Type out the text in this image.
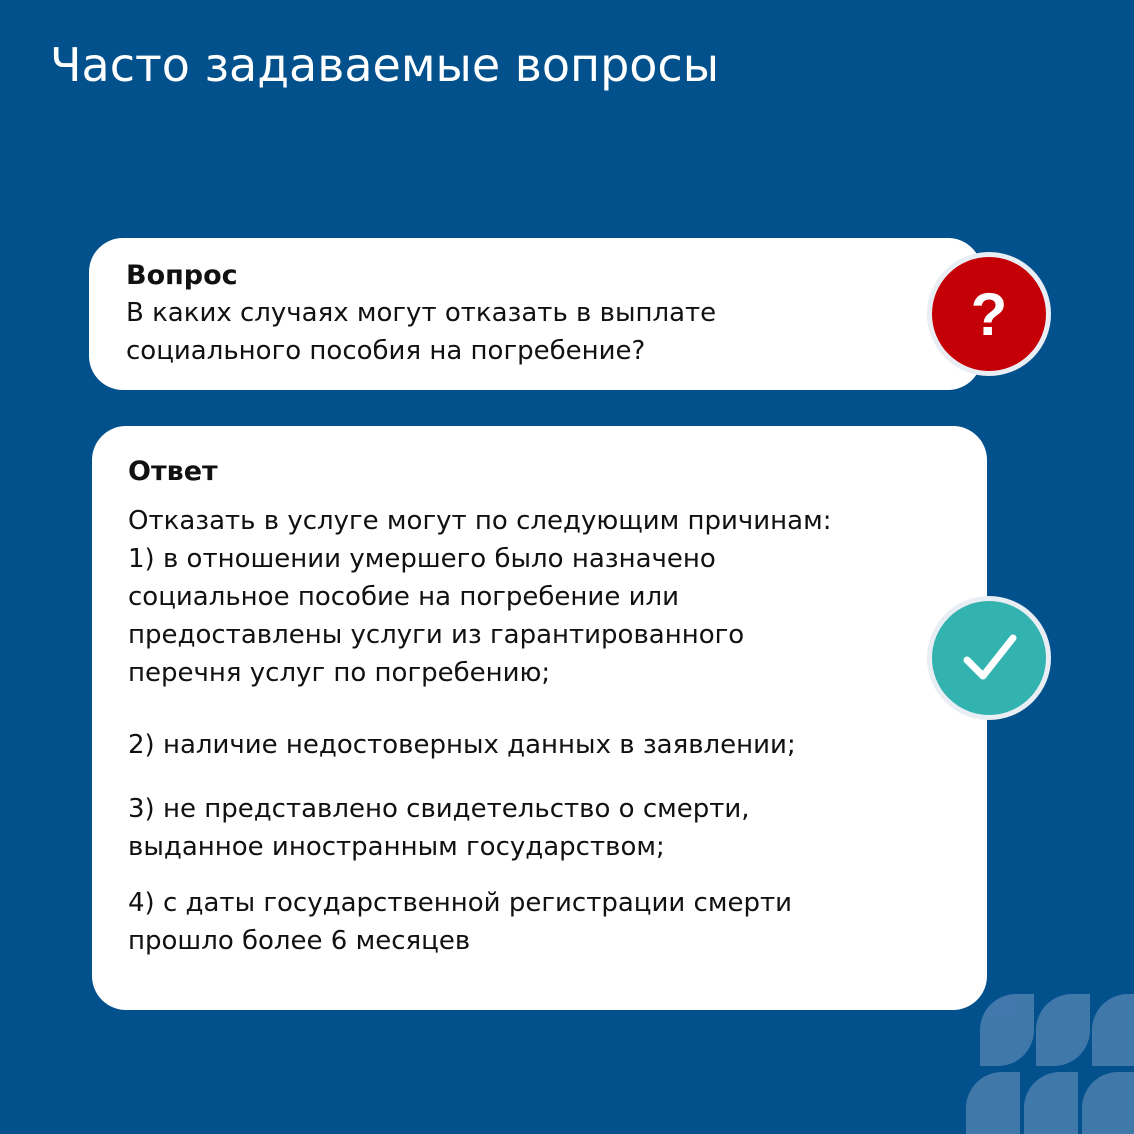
Часто задаваемые вопросы

Вопрос

В каких случаях могут отказать в выплате
социального пособия на погребение?

?

Ответ

Отказать в услуге могут по следующим причинам:

1) в отношении умершего было назначено
социальное пособие на погребение или
предоставлены услуги из гарантированного
перечня услуг по погребению;

2) наличие недостоверных данных в заявлении;

3) не представлено свидетельство о смерти,
выданное иностранным государством;

4) с даты государственной регистрации смерти
прошло более 6 месяцев
